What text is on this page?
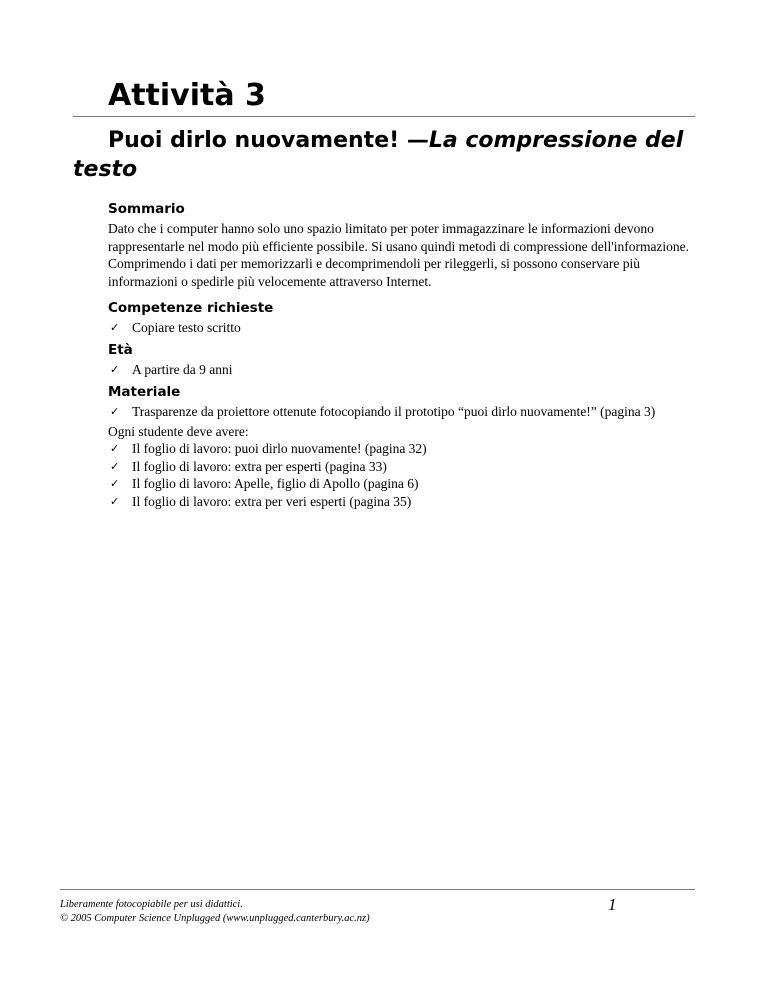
Attività 3
Puoi dirlo nuovamente! —La compressione del testo
Sommario

Dato che i computer hanno solo uno spazio limitato per poter immagazzinare le informazioni devono rappresentarle nel modo più efficiente possibile. Si usano quindi metodi di compressione dell'informazione. Comprimendo i dati per memorizzarli e decomprimendoli per rileggerli, si possono conservare più informazioni o spedirle più velocemente attraverso Internet.

Competenze richieste
✓ Copiare testo scritto
Età
✓ A partire da 9 anni
Materiale
✓ Trasparenze da proiettore ottenute fotocopiando il prototipo “puoi dirlo nuovamente!” (pagina 3)

Ogni studente deve avere:

✓ Il foglio di lavoro: puoi dirlo nuovamente! (pagina 32)
✓ Il foglio di lavoro: extra per esperti (pagina 33)
✓ Il foglio di lavoro: Apelle, figlio di Apollo (pagina 6)
✓ Il foglio di lavoro: extra per veri esperti (pagina 35)
Liberamente fotocopiabile per usi didattici.
© 2005 Computer Science Unplugged (www.unplugged.canterbury.ac.nz)
1
